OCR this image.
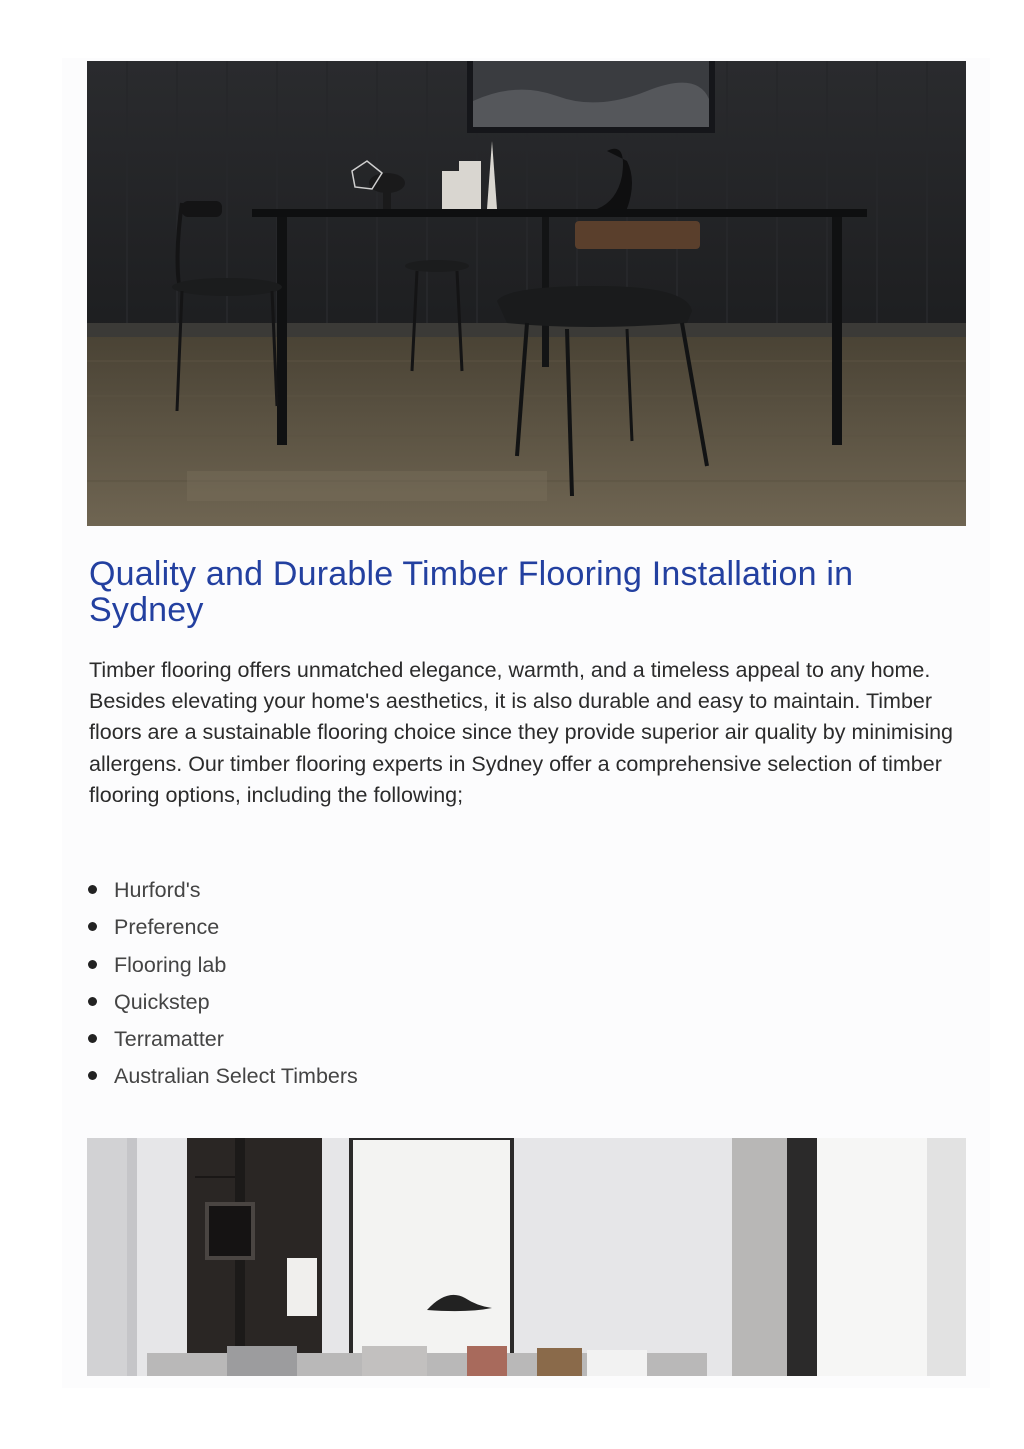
Quality and Durable Timber Flooring Installation in Sydney

Timber flooring offers unmatched elegance, warmth, and a timeless appeal to any home. Besides elevating your home's aesthetics, it is also durable and easy to maintain. Timber floors are a sustainable flooring choice since they provide superior air quality by minimising allergens. Our timber flooring experts in Sydney offer a comprehensive selection of timber flooring options, including the following;

Hurford's
Preference
Flooring lab
Quickstep
Terramatter
Australian Select Timbers
